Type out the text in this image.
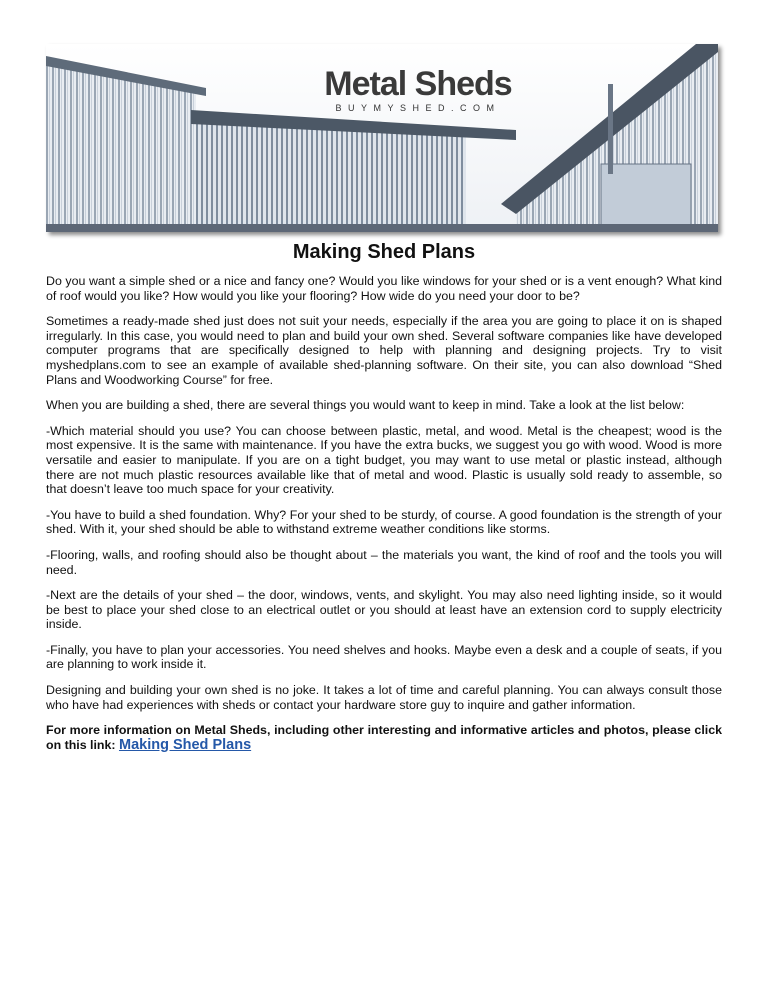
Metal Sheds
BUYMYSHED.COM
Making Shed Plans

Do you want a simple shed or a nice and fancy one? Would you like windows for your shed or is a vent enough? What kind of roof would you like? How would you like your flooring? How wide do you need your door to be?

Sometimes a ready-made shed just does not suit your needs, especially if the area you are going to place it on is shaped irregularly. In this case, you would need to plan and build your own shed. Several software companies like have developed computer programs that are specifically designed to help with planning and designing projects. Try to visit myshedplans.com to see an example of available shed-planning software. On their site, you can also download “Shed Plans and Woodworking Course” for free.

When you are building a shed, there are several things you would want to keep in mind. Take a look at the list below:

-Which material should you use? You can choose between plastic, metal, and wood. Metal is the cheapest; wood is the most expensive. It is the same with maintenance. If you have the extra bucks, we suggest you go with wood. Wood is more versatile and easier to manipulate. If you are on a tight budget, you may want to use metal or plastic instead, although there are not much plastic resources available like that of metal and wood. Plastic is usually sold ready to assemble, so that doesn’t leave too much space for your creativity.

-You have to build a shed foundation. Why? For your shed to be sturdy, of course. A good foundation is the strength of your shed. With it, your shed should be able to withstand extreme weather conditions like storms.

-Flooring, walls, and roofing should also be thought about – the materials you want, the kind of roof and the tools you will need.

-Next are the details of your shed – the door, windows, vents, and skylight. You may also need lighting inside, so it would be best to place your shed close to an electrical outlet or you should at least have an extension cord to supply electricity inside.

-Finally, you have to plan your accessories. You need shelves and hooks. Maybe even a desk and a couple of seats, if you are planning to work inside it.

Designing and building your own shed is no joke. It takes a lot of time and careful planning. You can always consult those who have had experiences with sheds or contact your hardware store guy to inquire and gather information.

For more information on Metal Sheds, including other interesting and informative articles and photos, please click on this link: Making Shed Plans
